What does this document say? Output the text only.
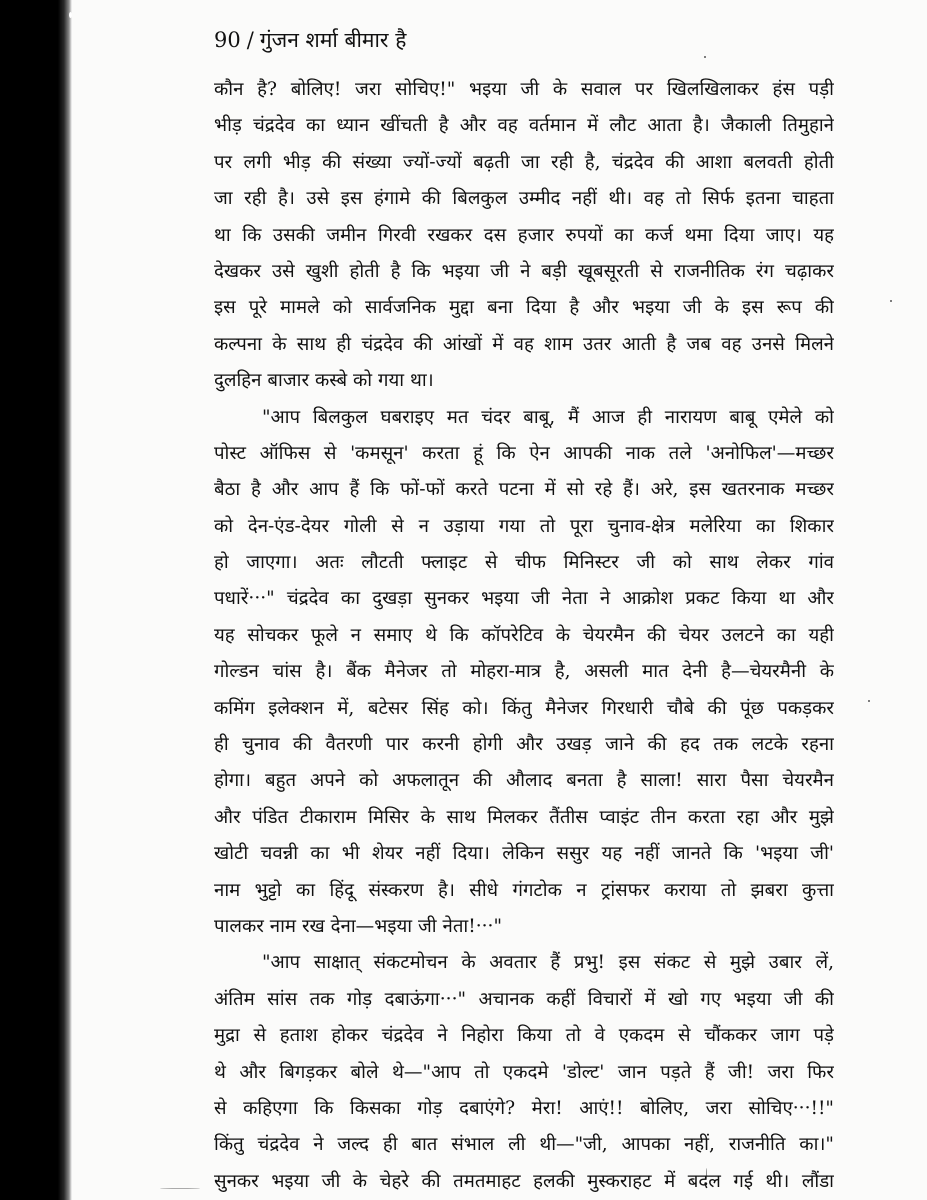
90 / गुंजन शर्मा बीमार है
कौन है? बोलिए! जरा सोचिए!" भइया जी के सवाल पर खिलखिलाकर हंस पड़ी
भीड़ चंद्रदेव का ध्यान खींचती है और वह वर्तमान में लौट आता है। जैकाली तिमुहाने
पर लगी भीड़ की संख्या ज्यों-ज्यों बढ़ती जा रही है, चंद्रदेव की आशा बलवती होती
जा रही है। उसे इस हंगामे की बिलकुल उम्मीद नहीं थी। वह तो सिर्फ इतना चाहता
था कि उसकी जमीन गिरवी रखकर दस हजार रुपयों का कर्ज थमा दिया जाए। यह
देखकर उसे खुशी होती है कि भइया जी ने बड़ी खूबसूरती से राजनीतिक रंग चढ़ाकर
इस पूरे मामले को सार्वजनिक मुद्दा बना दिया है और भइया जी के इस रूप की
कल्पना के साथ ही चंद्रदेव की आंखों में वह शाम उतर आती है जब वह उनसे मिलने
दुलहिन बाजार कस्बे को गया था।
"आप बिलकुल घबराइए मत चंदर बाबू, मैं आज ही नारायण बाबू एमेले को
पोस्ट ऑफिस से 'कमसून' करता हूं कि ऐन आपकी नाक तले 'अनोफिल'—मच्छर
बैठा है और आप हैं कि फों-फों करते पटना में सो रहे हैं। अरे, इस खतरनाक मच्छर
को देन-एंड-देयर गोली से न उड़ाया गया तो पूरा चुनाव-क्षेत्र मलेरिया का शिकार
हो जाएगा। अतः लौटती फ्लाइट से चीफ मिनिस्टर जी को साथ लेकर गांव
पधारें···" चंद्रदेव का दुखड़ा सुनकर भइया जी नेता ने आक्रोश प्रकट किया था और
यह सोचकर फूले न समाए थे कि कॉपरेटिव के चेयरमैन की चेयर उलटने का यही
गोल्डन चांस है। बैंक मैनेजर तो मोहरा-मात्र है, असली मात देनी है—चेयरमैनी के
कमिंग इलेक्शन में, बटेसर सिंह को। किंतु मैनेजर गिरधारी चौबे की पूंछ पकड़कर
ही चुनाव की वैतरणी पार करनी होगी और उखड़ जाने की हद तक लटके रहना
होगा। बहुत अपने को अफलातून की औलाद बनता है साला! सारा पैसा चेयरमैन
और पंडित टीकाराम मिसिर के साथ मिलकर तैंतीस प्वाइंट तीन करता रहा और मुझे
खोटी चवन्नी का भी शेयर नहीं दिया। लेकिन ससुर यह नहीं जानते कि 'भइया जी'
नाम भुट्टो का हिंदू संस्करण है। सीधे गंगटोक न ट्रांसफर कराया तो झबरा कुत्ता
पालकर नाम रख देना—भइया जी नेता!···"
"आप साक्षात् संकटमोचन के अवतार हैं प्रभु! इस संकट से मुझे उबार लें,
अंतिम सांस तक गोड़ दबाऊंगा···" अचानक कहीं विचारों में खो गए भइया जी की
मुद्रा से हताश होकर चंद्रदेव ने निहोरा किया तो वे एकदम से चौंककर जाग पड़े
थे और बिगड़कर बोले थे—"आप तो एकदमे 'डोल्ट' जान पड़ते हैं जी! जरा फिर
से कहिएगा कि किसका गोड़ दबाएंगे? मेरा! आएं!! बोलिए, जरा सोचिए···!!"
किंतु चंद्रदेव ने जल्द ही बात संभाल ली थी—"जी, आपका नहीं, राजनीति का।"
सुनकर भइया जी के चेहरे की तमतमाहट हलकी मुस्कराहट में बदल गई थी। लौंडा
